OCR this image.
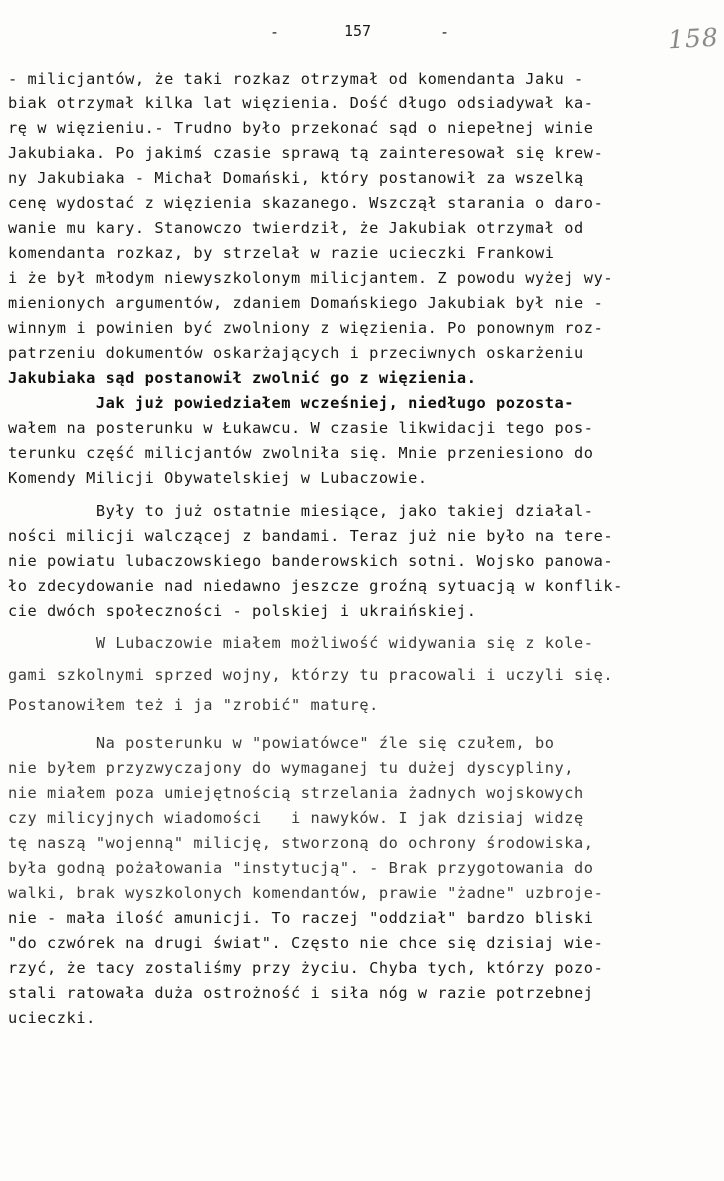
-	157	-	158
- milicjantów, że taki rozkaz otrzymał od komendanta Jaku -
biak otrzymał kilka lat więzienia. Dość długo odsiadywał ka-
rę w więzieniu.- Trudno było przekonać sąd o niepełnej winie
Jakubiaka. Po jakimś czasie sprawą tą zainteresował się krew-
ny Jakubiaka - Michał Domański, który postanowił za wszelką
cenę wydostać z więzienia skazanego. Wszczął starania o daro-
wanie mu kary. Stanowczo twierdził, że Jakubiak otrzymał od
komendanta rozkaz, by strzelał w razie ucieczki Frankowi
i że był młodym niewyszkolonym milicjantem. Z powodu wyżej wy-
mienionych argumentów, zdaniem Domańskiego Jakubiak był nie -
winnym i powinien być zwolniony z więzienia. Po ponownym roz-
patrzeniu dokumentów oskarżających i przeciwnych oskarżeniu
Jakubiaka sąd postanowił zwolnić go z więzienia.
Jak już powiedziałem wcześniej, niedługo pozosta-
wałem na posterunku w Łukawcu. W czasie likwidacji tego pos-
terunku część milicjantów zwolniła się. Mnie przeniesiono do
Komendy Milicji Obywatelskiej w Lubaczowie.
Były to już ostatnie miesiące, jako takiej działal-
ności milicji walczącej z bandami. Teraz już nie było na tere-
nie powiatu lubaczowskiego banderowskich sotni. Wojsko panowa-
ło zdecydowanie nad niedawno jeszcze groźną sytuacją w konflik-
cie dwóch społeczności - polskiej i ukraińskiej.
W Lubaczowie miałem możliwość widywania się z kole-
gami szkolnymi sprzed wojny, którzy tu pracowali i uczyli się.
Postanowiłem też i ja "zrobić" maturę.
Na posterunku w "powiatówce" źle się czułem, bo
nie byłem przyzwyczajony do wymaganej tu dużej dyscypliny,
nie miałem poza umiejętnością strzelania żadnych wojskowych
czy milicyjnych wiadomości   i nawyków. I jak dzisiaj widzę
tę naszą "wojenną" milicję, stworzoną do ochrony środowiska,
była godną pożałowania "instytucją". - Brak przygotowania do
walki, brak wyszkolonych komendantów, prawie "żadne" uzbroje-
nie - mała ilość amunicji. To raczej "oddział" bardzo bliski
"do czwórek na drugi świat". Często nie chce się dzisiaj wie-
rzyć, że tacy zostaliśmy przy życiu. Chyba tych, którzy pozo-
stali ratowała duża ostrożność i siła nóg w razie potrzebnej
ucieczki.
